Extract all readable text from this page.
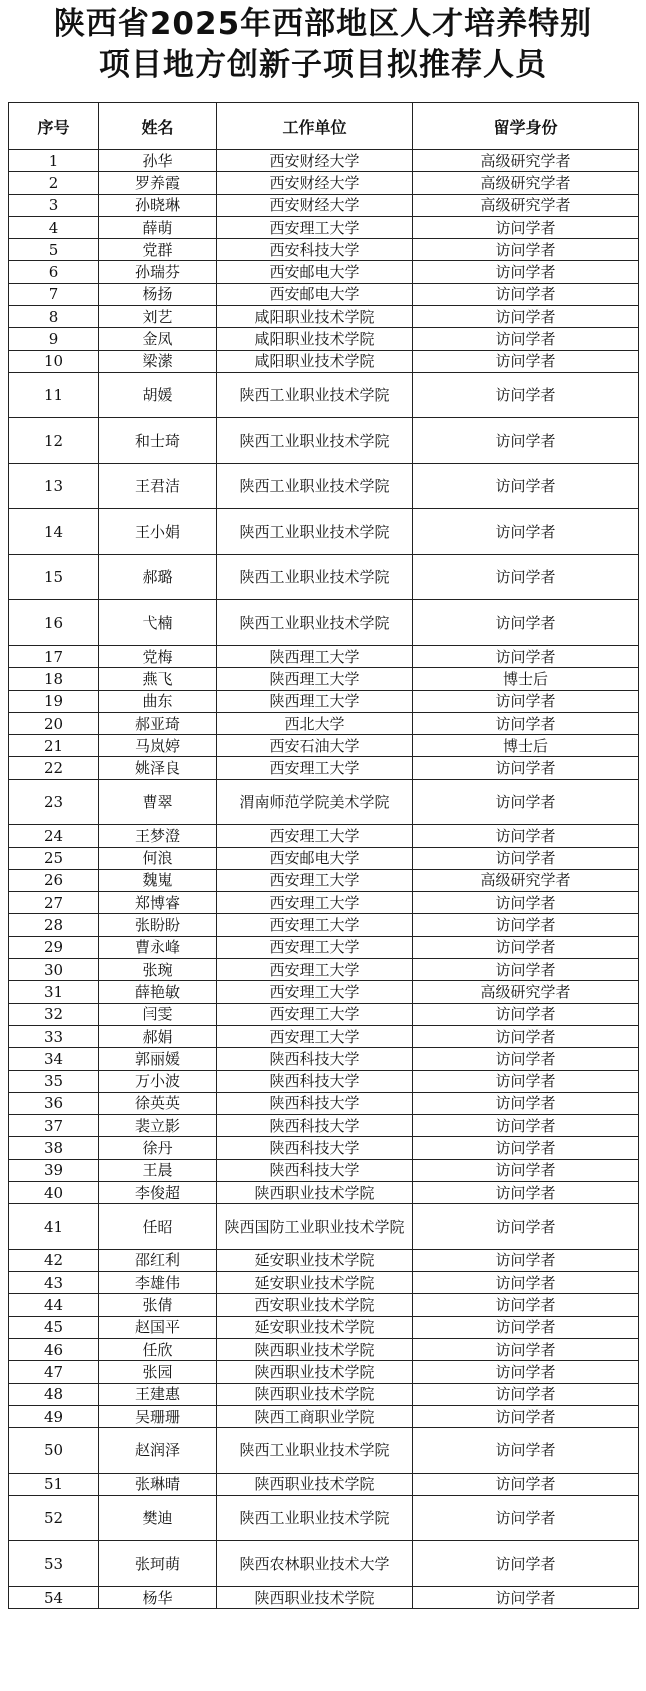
陕西省2025年西部地区人才培养特别
项目地方创新子项目拟推荐人员
序号	姓名	工作单位	留学身份
1	孙华	西安财经大学	高级研究学者
2	罗养霞	西安财经大学	高级研究学者
3	孙晓琳	西安财经大学	高级研究学者
4	薛萌	西安理工大学	访问学者
5	党群	西安科技大学	访问学者
6	孙瑞芬	西安邮电大学	访问学者
7	杨扬	西安邮电大学	访问学者
8	刘艺	咸阳职业技术学院	访问学者
9	金凤	咸阳职业技术学院	访问学者
10	梁潆	咸阳职业技术学院	访问学者
11	胡媛	陕西工业职业技术学院	访问学者
12	和士琦	陕西工业职业技术学院	访问学者
13	王君洁	陕西工业职业技术学院	访问学者
14	王小娟	陕西工业职业技术学院	访问学者
15	郝璐	陕西工业职业技术学院	访问学者
16	弋楠	陕西工业职业技术学院	访问学者
17	党梅	陕西理工大学	访问学者
18	燕飞	陕西理工大学	博士后
19	曲东	陕西理工大学	访问学者
20	郝亚琦	西北大学	访问学者
21	马岚婷	西安石油大学	博士后
22	姚泽良	西安理工大学	访问学者
23	曹翠	渭南师范学院美术学院	访问学者
24	王梦澄	西安理工大学	访问学者
25	何浪	西安邮电大学	访问学者
26	魏嵬	西安理工大学	高级研究学者
27	郑博睿	西安理工大学	访问学者
28	张盼盼	西安理工大学	访问学者
29	曹永峰	西安理工大学	访问学者
30	张琬	西安理工大学	访问学者
31	薛艳敏	西安理工大学	高级研究学者
32	闫雯	西安理工大学	访问学者
33	郝娟	西安理工大学	访问学者
34	郭丽媛	陕西科技大学	访问学者
35	万小波	陕西科技大学	访问学者
36	徐英英	陕西科技大学	访问学者
37	裴立影	陕西科技大学	访问学者
38	徐丹	陕西科技大学	访问学者
39	王晨	陕西科技大学	访问学者
40	李俊超	陕西职业技术学院	访问学者
41	任昭	陕西国防工业职业技术学院	访问学者
42	邵红利	延安职业技术学院	访问学者
43	李雄伟	延安职业技术学院	访问学者
44	张倩	西安职业技术学院	访问学者
45	赵国平	延安职业技术学院	访问学者
46	任欣	陕西职业技术学院	访问学者
47	张园	陕西职业技术学院	访问学者
48	王建惠	陕西职业技术学院	访问学者
49	吴珊珊	陕西工商职业学院	访问学者
50	赵润泽	陕西工业职业技术学院	访问学者
51	张琳晴	陕西职业技术学院	访问学者
52	樊迪	陕西工业职业技术学院	访问学者
53	张珂萌	陕西农林职业技术大学	访问学者
54	杨华	陕西职业技术学院	访问学者
